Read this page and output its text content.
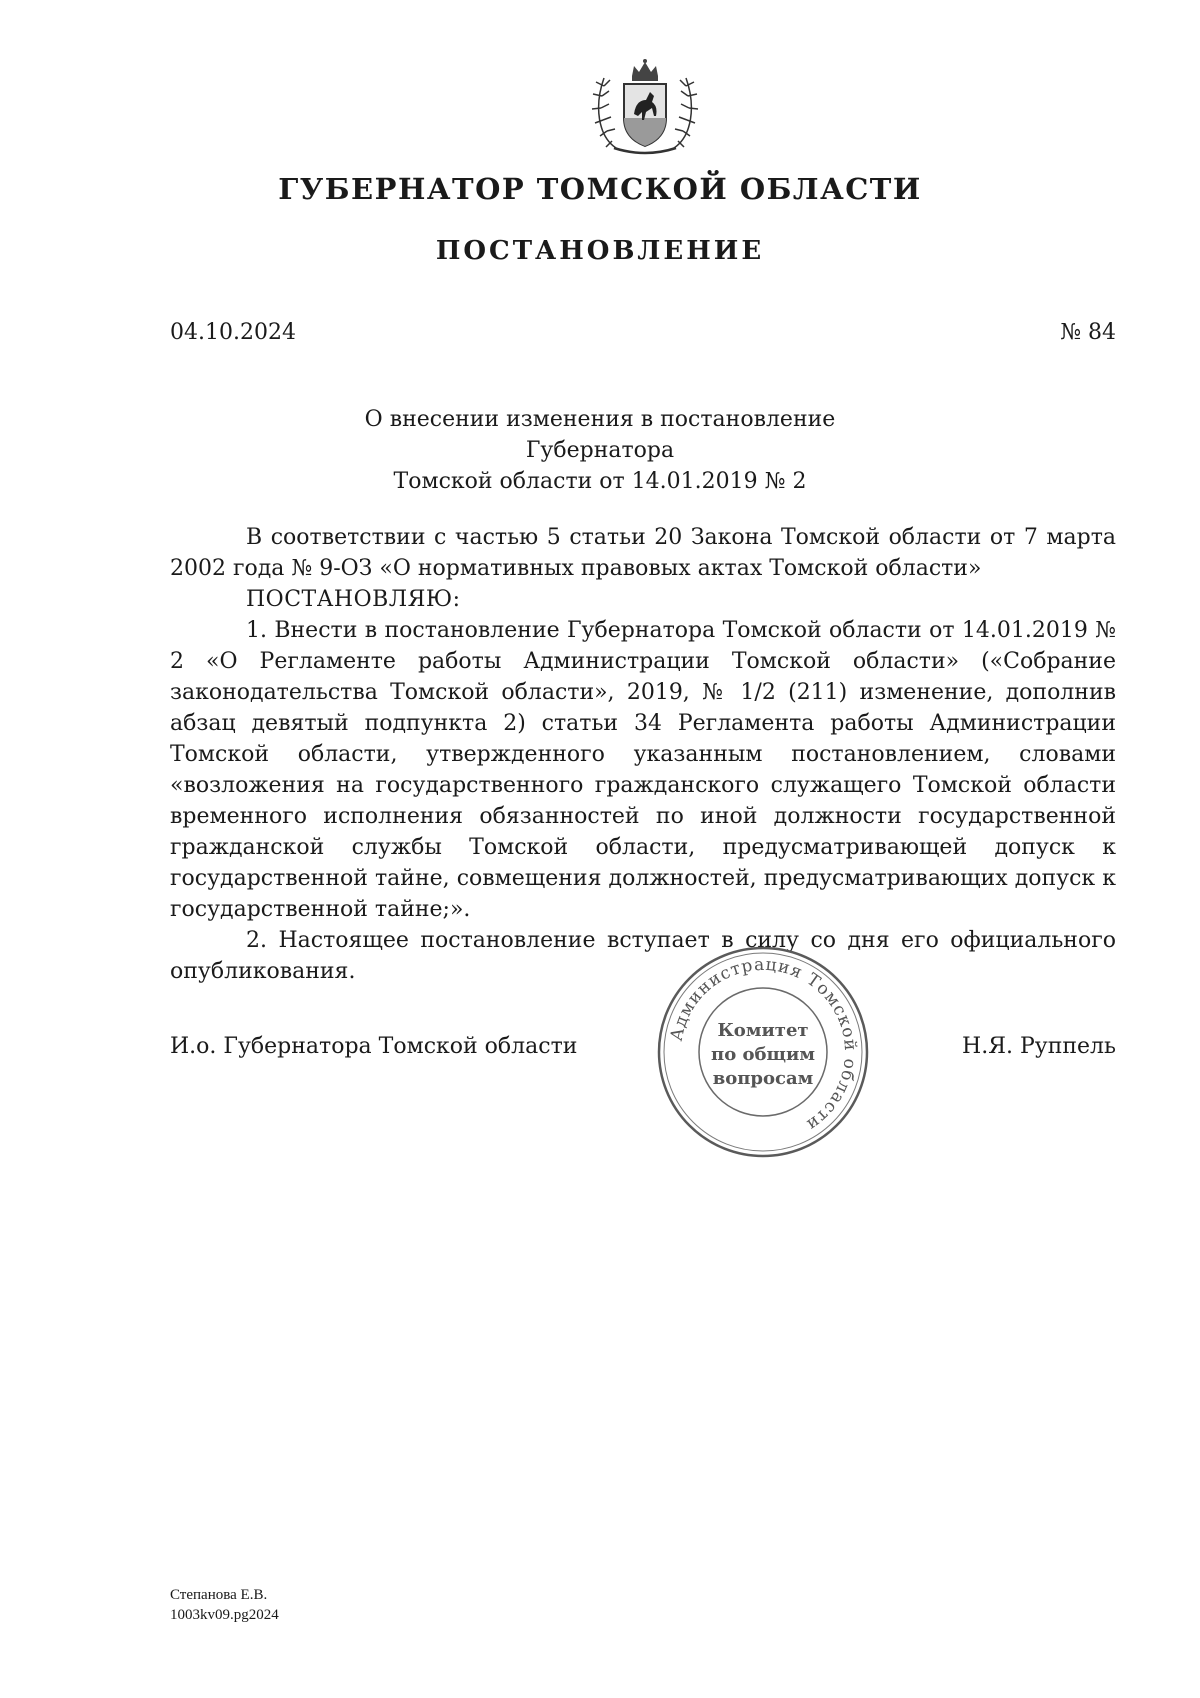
ГУБЕРНАТОР ТОМСКОЙ ОБЛАСТИ
ПОСТАНОВЛЕНИЕ
04.10.2024	№ 84
О внесении изменения в постановление Губернатора
Томской области от 14.01.2019 № 2

В соответствии с частью 5 статьи 20 Закона Томской области от 7 марта 2002 года № 9-ОЗ «О нормативных правовых актах Томской области»

ПОСТАНОВЛЯЮ:

1. Внести в постановление Губернатора Томской области от 14.01.2019 № 2 «О Регламенте работы Администрации Томской области» («Собрание законодательства Томской области», 2019, № 1/2 (211) изменение, дополнив абзац девятый подпункта 2) статьи 34 Регламента работы Администрации Томской области, утвержденного указанным постановлением, словами «возложения на государственного гражданского служащего Томской области временного исполнения обязанностей по иной должности государственной гражданской службы Томской области, предусматривающей допуск к государственной тайне, совмещения должностей, предусматривающих допуск к государственной тайне;».

2. Настоящее постановление вступает в силу со дня его официального опубликования.

И.о. Губернатора Томской области	Н.Я. Руппель
Администрация Томской области
Комитет
по общим
вопросам
Степанова Е.В.
1003kv09.pg2024
